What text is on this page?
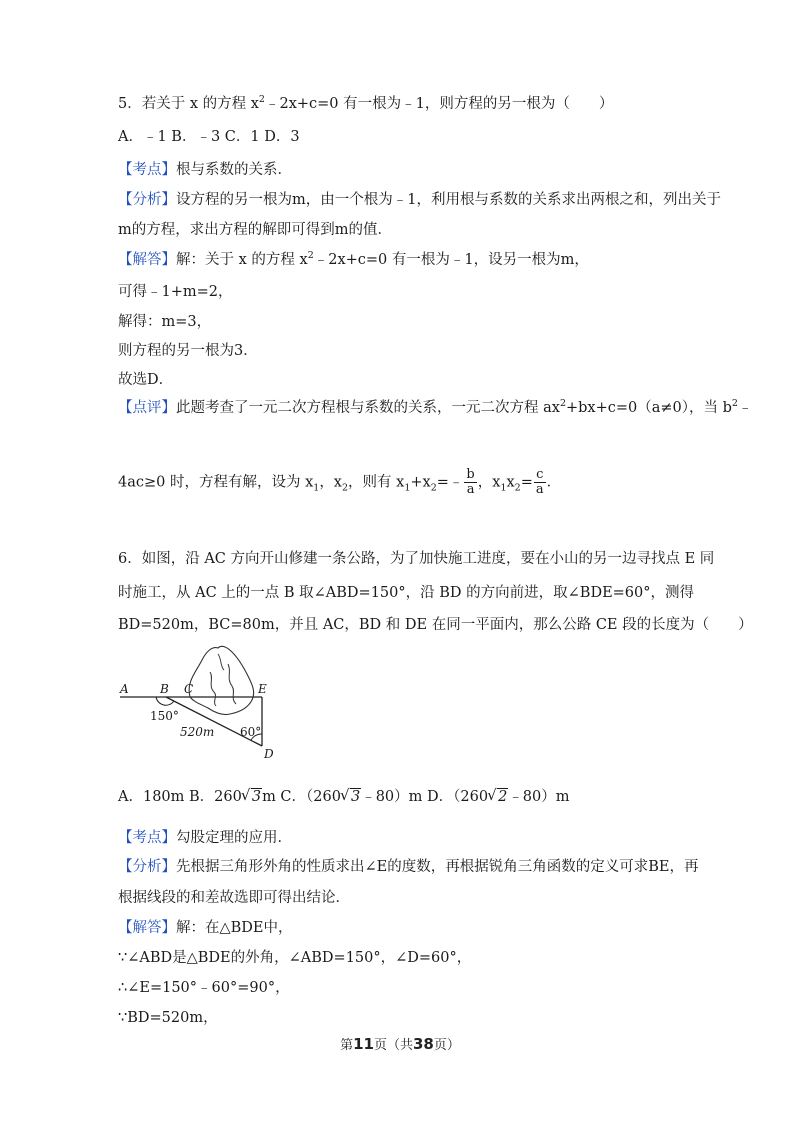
5．若关于 x 的方程 $x^2﹣2x+c=0$ 有一根为﹣1，则方程的另一根为（　　）
A．﹣1 B．﹣3 C．1 D．3
【考点】根与系数的关系．
【分析】设方程的另一根为m，由一个根为﹣1，利用根与系数的关系求出两根之和，列出关于
m的方程，求出方程的解即可得到m的值．
【解答】解：关于 x 的方程 $x^2﹣2x+c=0$ 有一根为﹣1，设另一根为m，
可得﹣1+m=2，
解得：m=3，
则方程的另一根为3．
故选D．
【点评】此题考查了一元二次方程根与系数的关系，一元二次方程 $ax^2+bx+c=0(a\ne 0)$，当 $b^2﹣$
4ac≥0 时，方程有解，设为 $x_1$，$x_2$，则有 $x_1+x_2=﹣ \frac{b}{a}$ ，$x_1x_2= \frac{c}{a}$ ．
6．如图，沿 AC 方向开山修建一条公路，为了加快施工进度，要在小山的另一边寻找点 E 同
时施工，从 AC 上的一点 B 取∠ABD=150°，沿 BD 的方向前进，取∠BDE=60°，测得
BD=520m，BC=80m，并且 AC，BD 和 DE 在同一平面内，那么公路 CE 段的长度为（　　）
A	B C	E
D
150°
520m 60°
A．180m B．260 √ 3m C．（260 √ 3﹣80）m D．（260 √ 2﹣80）m
【考点】勾股定理的应用．
【分析】先根据三角形外角的性质求出∠E的度数，再根据锐角三角函数的定义可求BE，再
根据线段的和差故选即可得出结论．
【解答】解：在△BDE中，
∵∠ABD是△BDE的外角，∠ABD=150°，∠D=60°，
∴∠E=150°﹣60°=90°，
∵BD=520m，
第11页（共38页）
